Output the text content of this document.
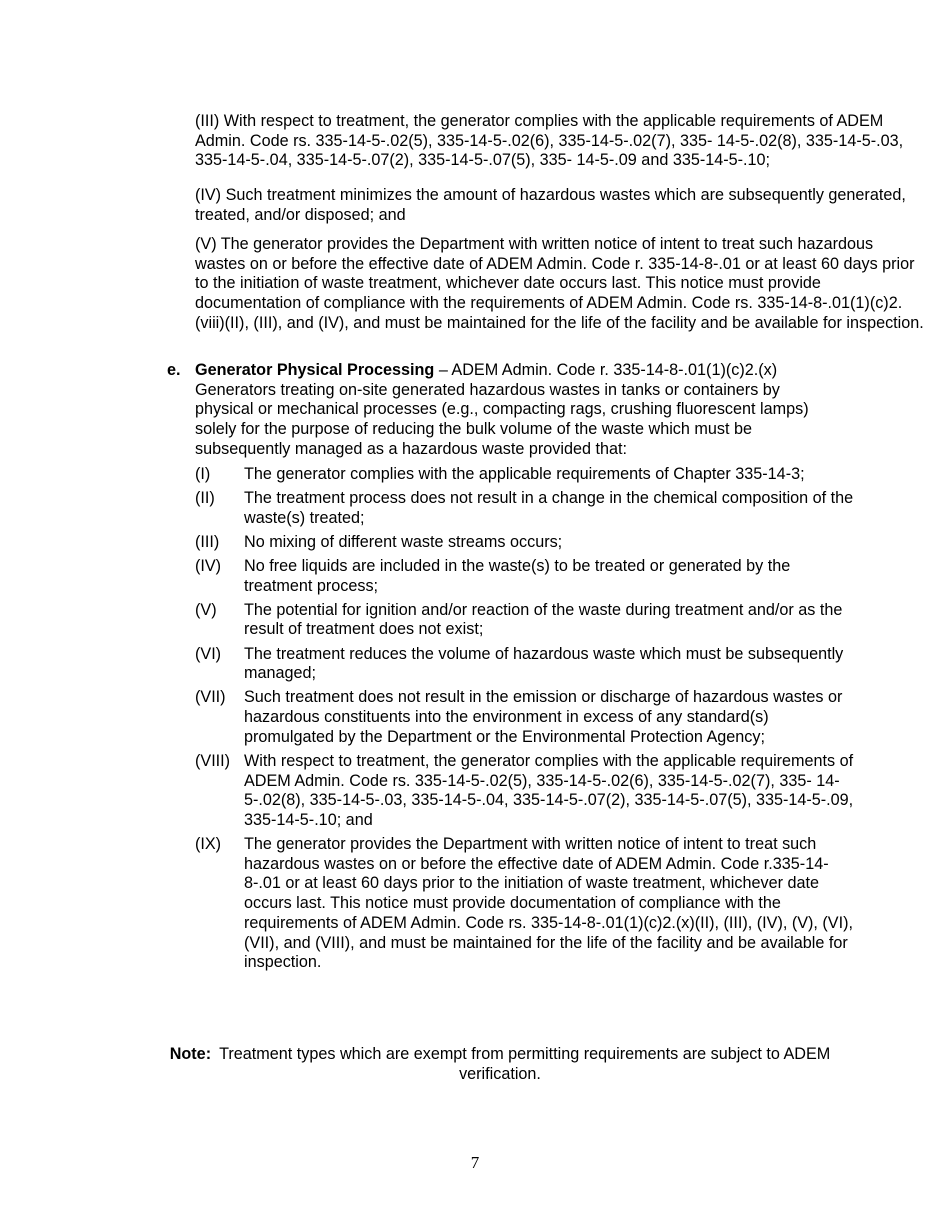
(III) With respect to treatment, the generator complies with the applicable requirements of ADEM Admin. Code rs. 335-14-5-.02(5), 335-14-5-.02(6), 335-14-5-.02(7), 335- 14-5-.02(8), 335-14-5-.03, 335-14-5-.04, 335-14-5-.07(2), 335-14-5-.07(5), 335- 14-5-.09 and 335-14-5-.10;

(IV) Such treatment minimizes the amount of hazardous wastes which are subsequently generated, treated, and/or disposed; and

(V) The generator provides the Department with written notice of intent to treat such hazardous wastes on or before the effective date of ADEM Admin. Code r. 335-14-8-.01 or at least 60 days prior to the initiation of waste treatment, whichever date occurs last. This notice must provide documentation of compliance with the requirements of ADEM Admin. Code rs. 335-14-8-.01(1)(c)2.(viii)(II), (III), and (IV), and must be maintained for the life of the facility and be available for inspection.

e. Generator Physical Processing – ADEM Admin. Code r. 335-14-8-.01(1)(c)2.(x)
Generators treating on-site generated hazardous wastes in tanks or containers by physical or mechanical processes (e.g., compacting rags, crushing fluorescent lamps) solely for the purpose of reducing the bulk volume of the waste which must be subsequently managed as a hazardous waste provided that:
(I)	The generator complies with the applicable requirements of Chapter 335-14-3;
(II)	The treatment process does not result in a change in the chemical composition of the waste(s) treated;
(III)	No mixing of different waste streams occurs;
(IV)	No free liquids are included in the waste(s) to be treated or generated by the treatment process;
(V)	The potential for ignition and/or reaction of the waste during treatment and/or as the result of treatment does not exist;
(VI)	The treatment reduces the volume of hazardous waste which must be subsequently managed;
(VII)	Such treatment does not result in the emission or discharge of hazardous wastes or hazardous constituents into the environment in excess of any standard(s) promulgated by the Department or the Environmental Protection Agency;
(VIII) With respect to treatment, the generator complies with the applicable requirements of ADEM Admin. Code rs. 335-14-5-.02(5), 335-14-5-.02(6), 335-14-5-.02(7), 335- 14-5-.02(8), 335-14-5-.03, 335-14-5-.04, 335-14-5-.07(2), 335-14-5-.07(5), 335-14-5-.09, 335-14-5-.10; and
(IX)	The generator provides the Department with written notice of intent to treat such hazardous wastes on or before the effective date of ADEM Admin. Code r.335-14-8-.01 or at least 60 days prior to the initiation of waste treatment, whichever date occurs last. This notice must provide documentation of compliance with the requirements of ADEM Admin. Code rs. 335-14-8-.01(1)(c)2.(x)(II), (III), (IV), (V), (VI), (VII), and (VIII), and must be maintained for the life of the facility and be available for inspection.
Note: Treatment types which are exempt from permitting requirements are subject to ADEM verification.
7
